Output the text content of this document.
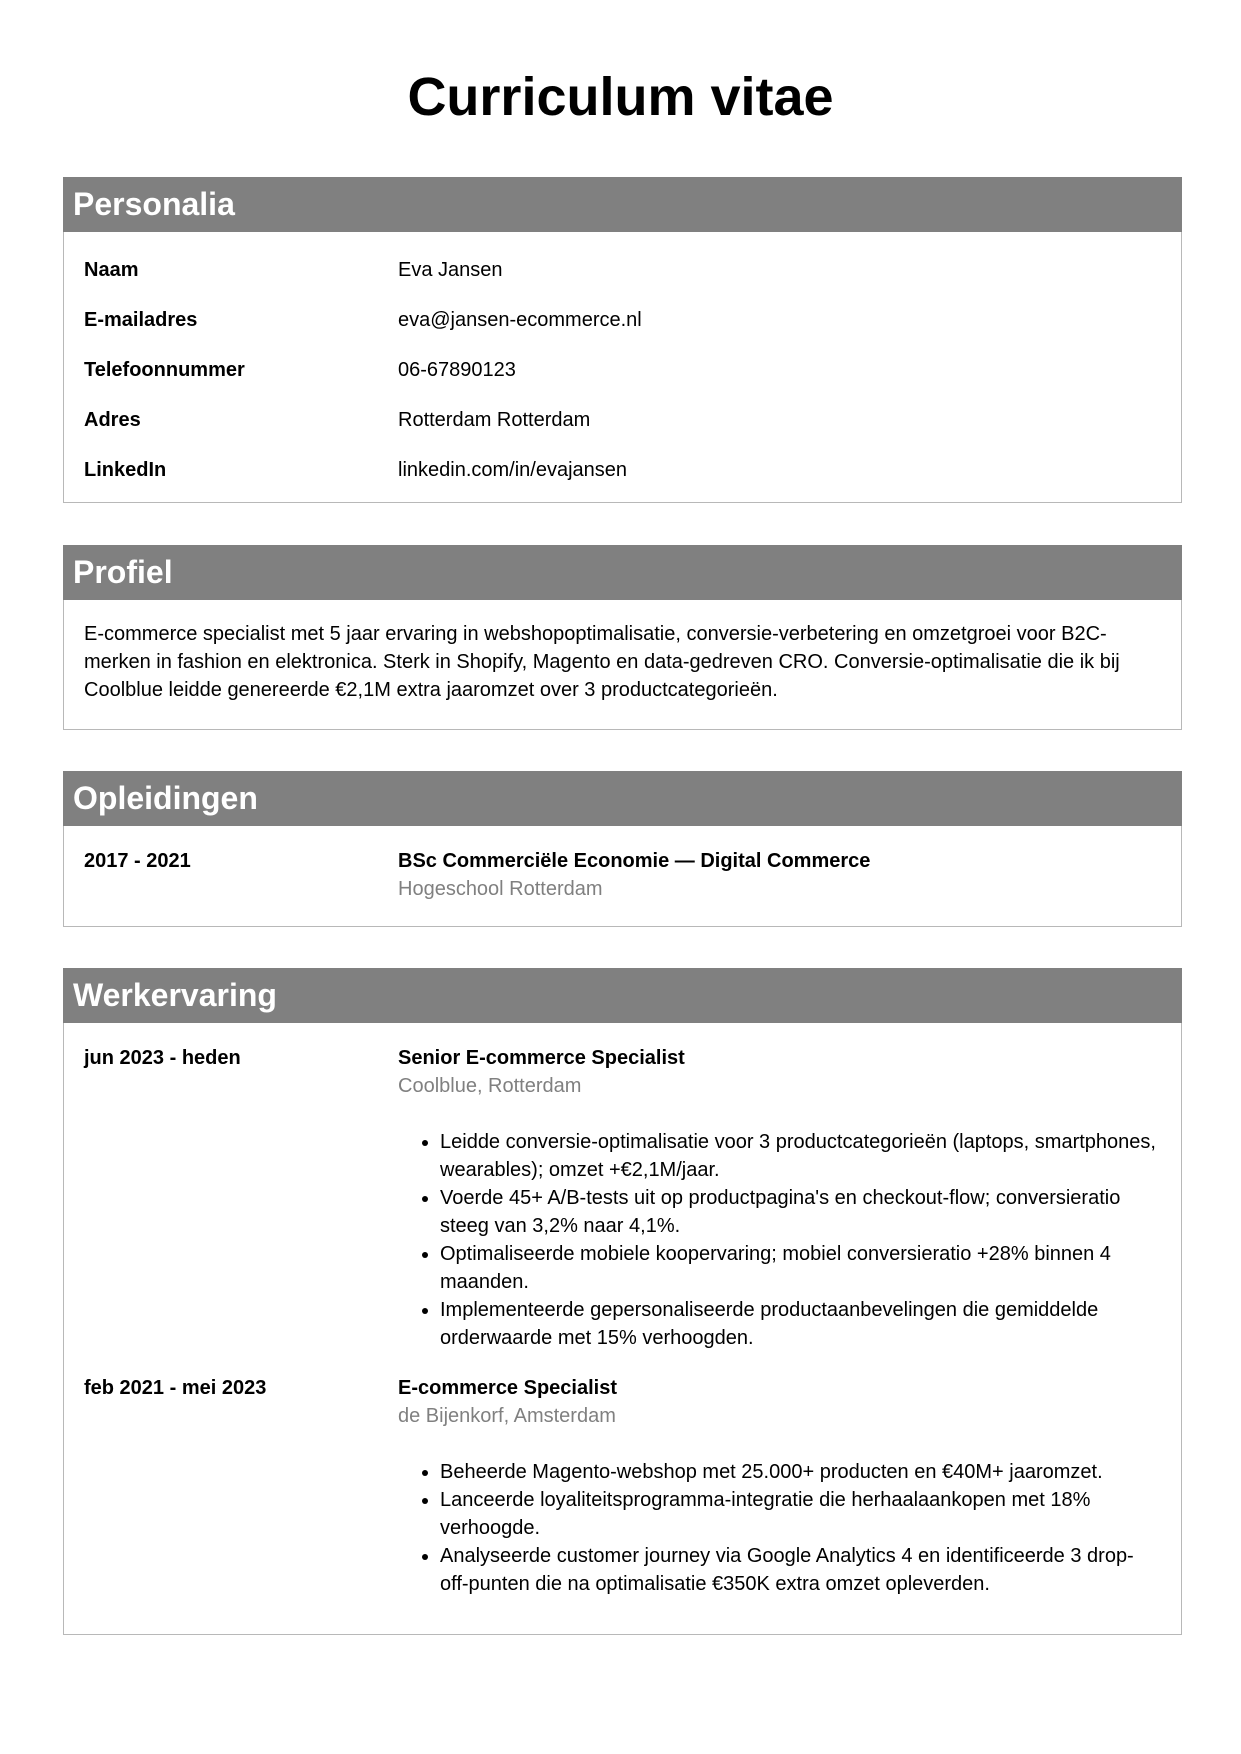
Curriculum vitae
Personalia
Naam	Eva Jansen
E-mailadres	eva@jansen-ecommerce.nl
Telefoonnummer	06-67890123
Adres	Rotterdam Rotterdam
LinkedIn	linkedin.com/in/evajansen
Profiel
E-commerce specialist met 5 jaar ervaring in webshopoptimalisatie, conversie-verbetering en omzetgroei voor B2C-merken in fashion en elektronica. Sterk in Shopify, Magento en data-gedreven CRO. Conversie-optimalisatie die ik bij Coolblue leidde genereerde €2,1M extra jaaromzet over 3 productcategorieën.
Opleidingen
2017 - 2021	BSc Commerciële Economie — Digital Commerce
Hogeschool Rotterdam
Werkervaring
jun 2023 - heden	Senior E-commerce Specialist
Coolblue, Rotterdam
• Leidde conversie-optimalisatie voor 3 productcategorieën (laptops, smartphones, wearables); omzet +€2,1M/jaar.
• Voerde 45+ A/B-tests uit op productpagina's en checkout-flow; conversieratio steeg van 3,2% naar 4,1%.
• Optimaliseerde mobiele koopervaring; mobiel conversieratio +28% binnen 4 maanden.
• Implementeerde gepersonaliseerde productaanbevelingen die gemiddelde orderwaarde met 15% verhoogden.
feb 2021 - mei 2023	E-commerce Specialist
de Bijenkorf, Amsterdam
• Beheerde Magento-webshop met 25.000+ producten en €40M+ jaaromzet.
• Lanceerde loyaliteitsprogramma-integratie die herhaalaankopen met 18% verhoogde.
• Analyseerde customer journey via Google Analytics 4 en identificeerde 3 drop-off-punten die na optimalisatie €350K extra omzet opleverden.
